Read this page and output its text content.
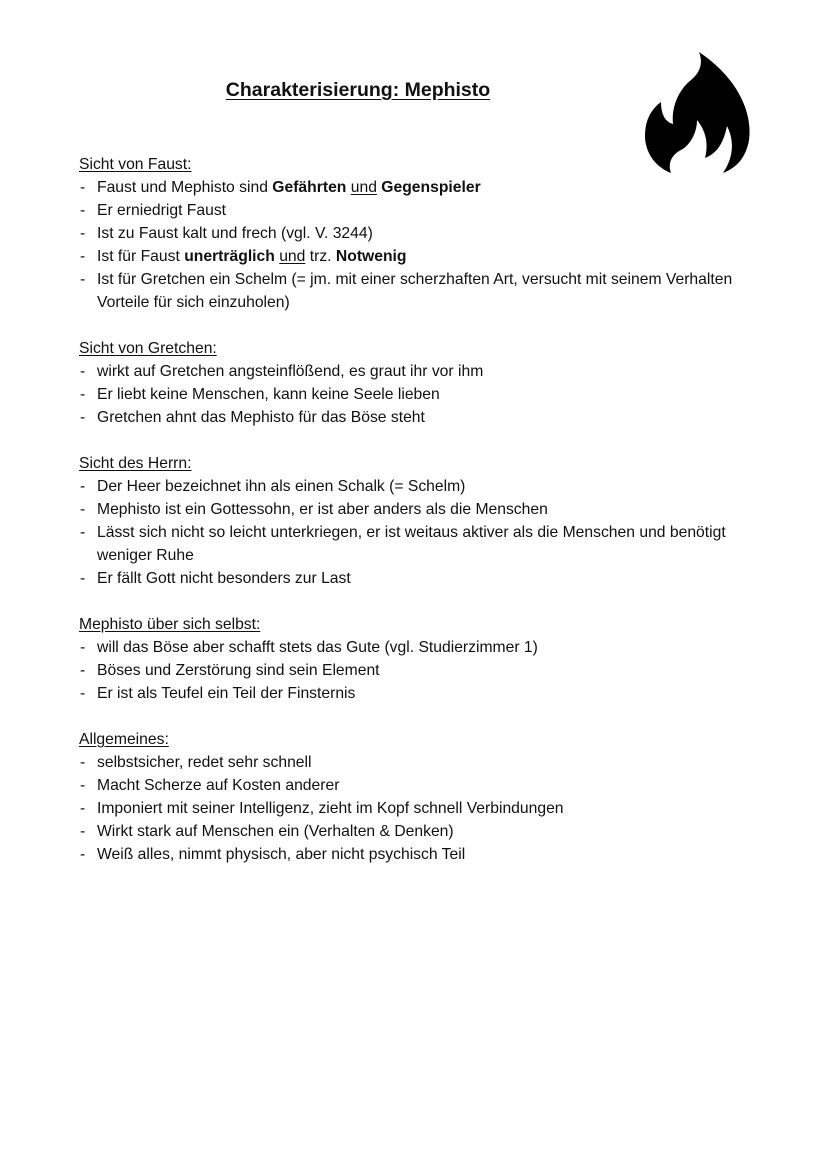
Charakterisierung: Mephisto

Sicht von Faust:

- Faust und Mephisto sind Gefährten und Gegenspieler
- Er erniedrigt Faust
- Ist zu Faust kalt und frech (vgl. V. 3244)
- Ist für Faust unerträglich und trz. Notwenig
- Ist für Gretchen ein Schelm (= jm. mit einer scherzhaften Art, versucht mit seinem Verhalten Vorteile für sich einzuholen)

Sicht von Gretchen:

- wirkt auf Gretchen angsteinflößend, es graut ihr vor ihm
- Er liebt keine Menschen, kann keine Seele lieben
- Gretchen ahnt das Mephisto für das Böse steht

Sicht des Herrn:

- Der Heer bezeichnet ihn als einen Schalk (= Schelm)
- Mephisto ist ein Gottessohn, er ist aber anders als die Menschen
- Lässt sich nicht so leicht unterkriegen, er ist weitaus aktiver als die Menschen und benötigt weniger Ruhe
- Er fällt Gott nicht besonders zur Last

Mephisto über sich selbst:

- will das Böse aber schafft stets das Gute (vgl. Studierzimmer 1)
- Böses und Zerstörung sind sein Element
- Er ist als Teufel ein Teil der Finsternis

Allgemeines:

- selbstsicher, redet sehr schnell
- Macht Scherze auf Kosten anderer
- Imponiert mit seiner Intelligenz, zieht im Kopf schnell Verbindungen
- Wirkt stark auf Menschen ein (Verhalten & Denken)
- Weiß alles, nimmt physisch, aber nicht psychisch Teil
